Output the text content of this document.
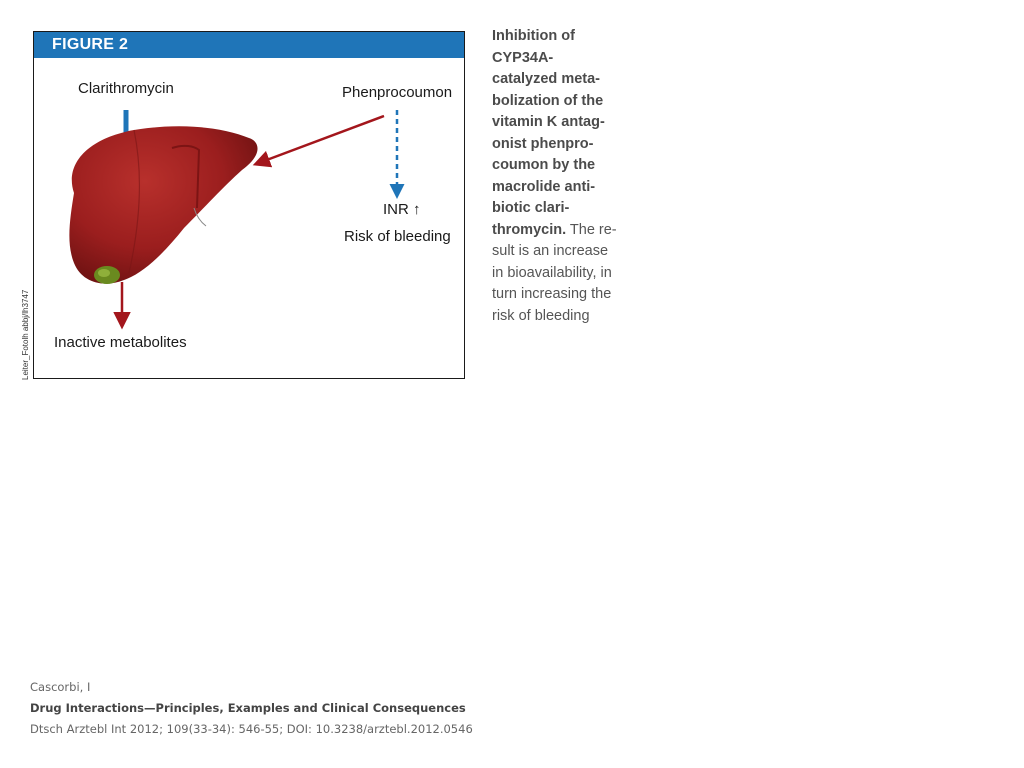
FIGURE 2
Clarithromycin	Phenprocoumon
INR ↑
Risk of bleeding
Inactive metabolites
Leiter_Fotolh abbj/lh3747
Inhibition of
CYP34A-
catalyzed meta-
bolization of the
vitamin K antag-
onist phenpro-
coumon by the
macrolide anti-
biotic clari-
thromycin. The re-
sult is an increase
in bioavailability, in
turn increasing the
risk of bleeding
Cascorbi, I
Drug Interactions—Principles, Examples and Clinical Consequences
Dtsch Arztebl Int 2012; 109(33-34): 546-55; DOI: 10.3238/arztebl.2012.0546
